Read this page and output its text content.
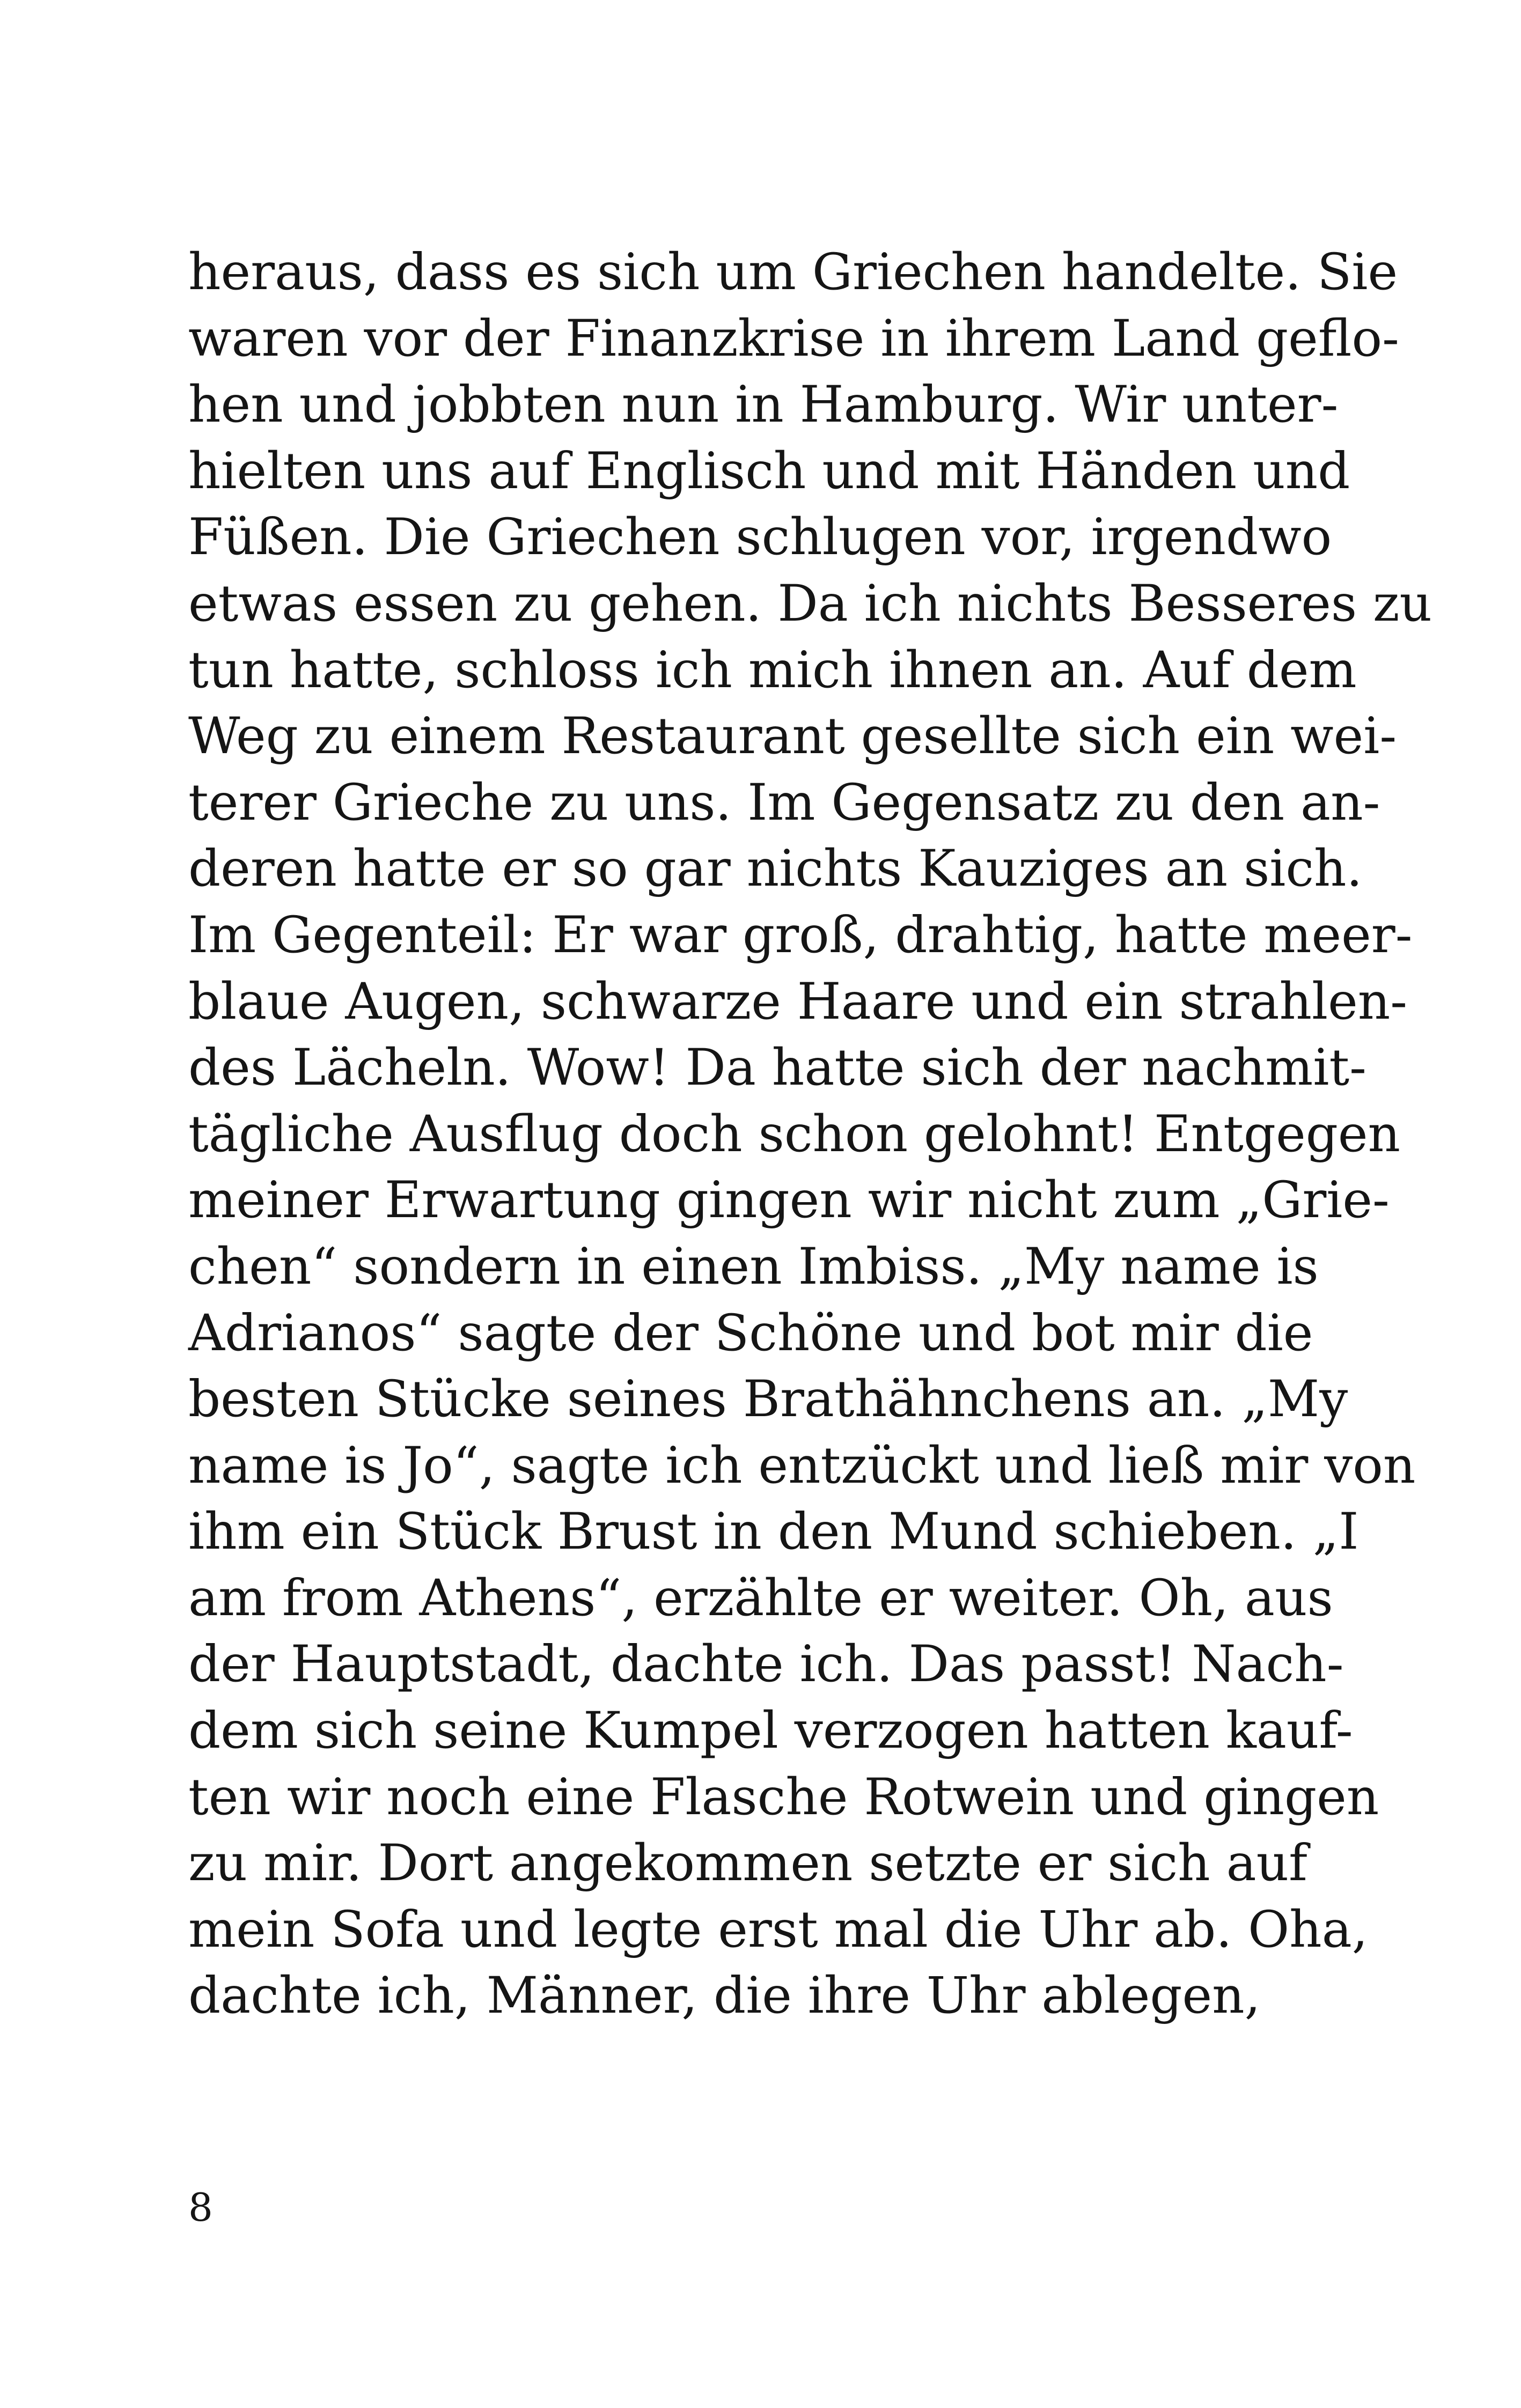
heraus, dass es sich um Griechen handelte. Sie
waren vor der Finanzkrise in ihrem Land geflo-
hen und jobbten nun in Hamburg. Wir unter-
hielten uns auf Englisch und mit Händen und
Füßen. Die Griechen schlugen vor, irgendwo
etwas essen zu gehen. Da ich nichts Besseres zu
tun hatte, schloss ich mich ihnen an. Auf dem
Weg zu einem Restaurant gesellte sich ein wei-
terer Grieche zu uns. Im Gegensatz zu den an-
deren hatte er so gar nichts Kauziges an sich.
Im Gegenteil: Er war groß, drahtig, hatte meer-
blaue Augen, schwarze Haare und ein strahlen-
des Lächeln. Wow! Da hatte sich der nachmit-
tägliche Ausflug doch schon gelohnt! Entgegen
meiner Erwartung gingen wir nicht zum „Grie-
chen“ sondern in einen Imbiss. „My name is
Adrianos“ sagte der Schöne und bot mir die
besten Stücke seines Brathähnchens an. „My
name is Jo“, sagte ich entzückt und ließ mir von
ihm ein Stück Brust in den Mund schieben. „I
am from Athens“, erzählte er weiter. Oh, aus
der Hauptstadt, dachte ich. Das passt! Nach-
dem sich seine Kumpel verzogen hatten kauf-
ten wir noch eine Flasche Rotwein und gingen
zu mir. Dort angekommen setzte er sich auf
mein Sofa und legte erst mal die Uhr ab. Oha,
dachte ich, Männer, die ihre Uhr ablegen,
8
